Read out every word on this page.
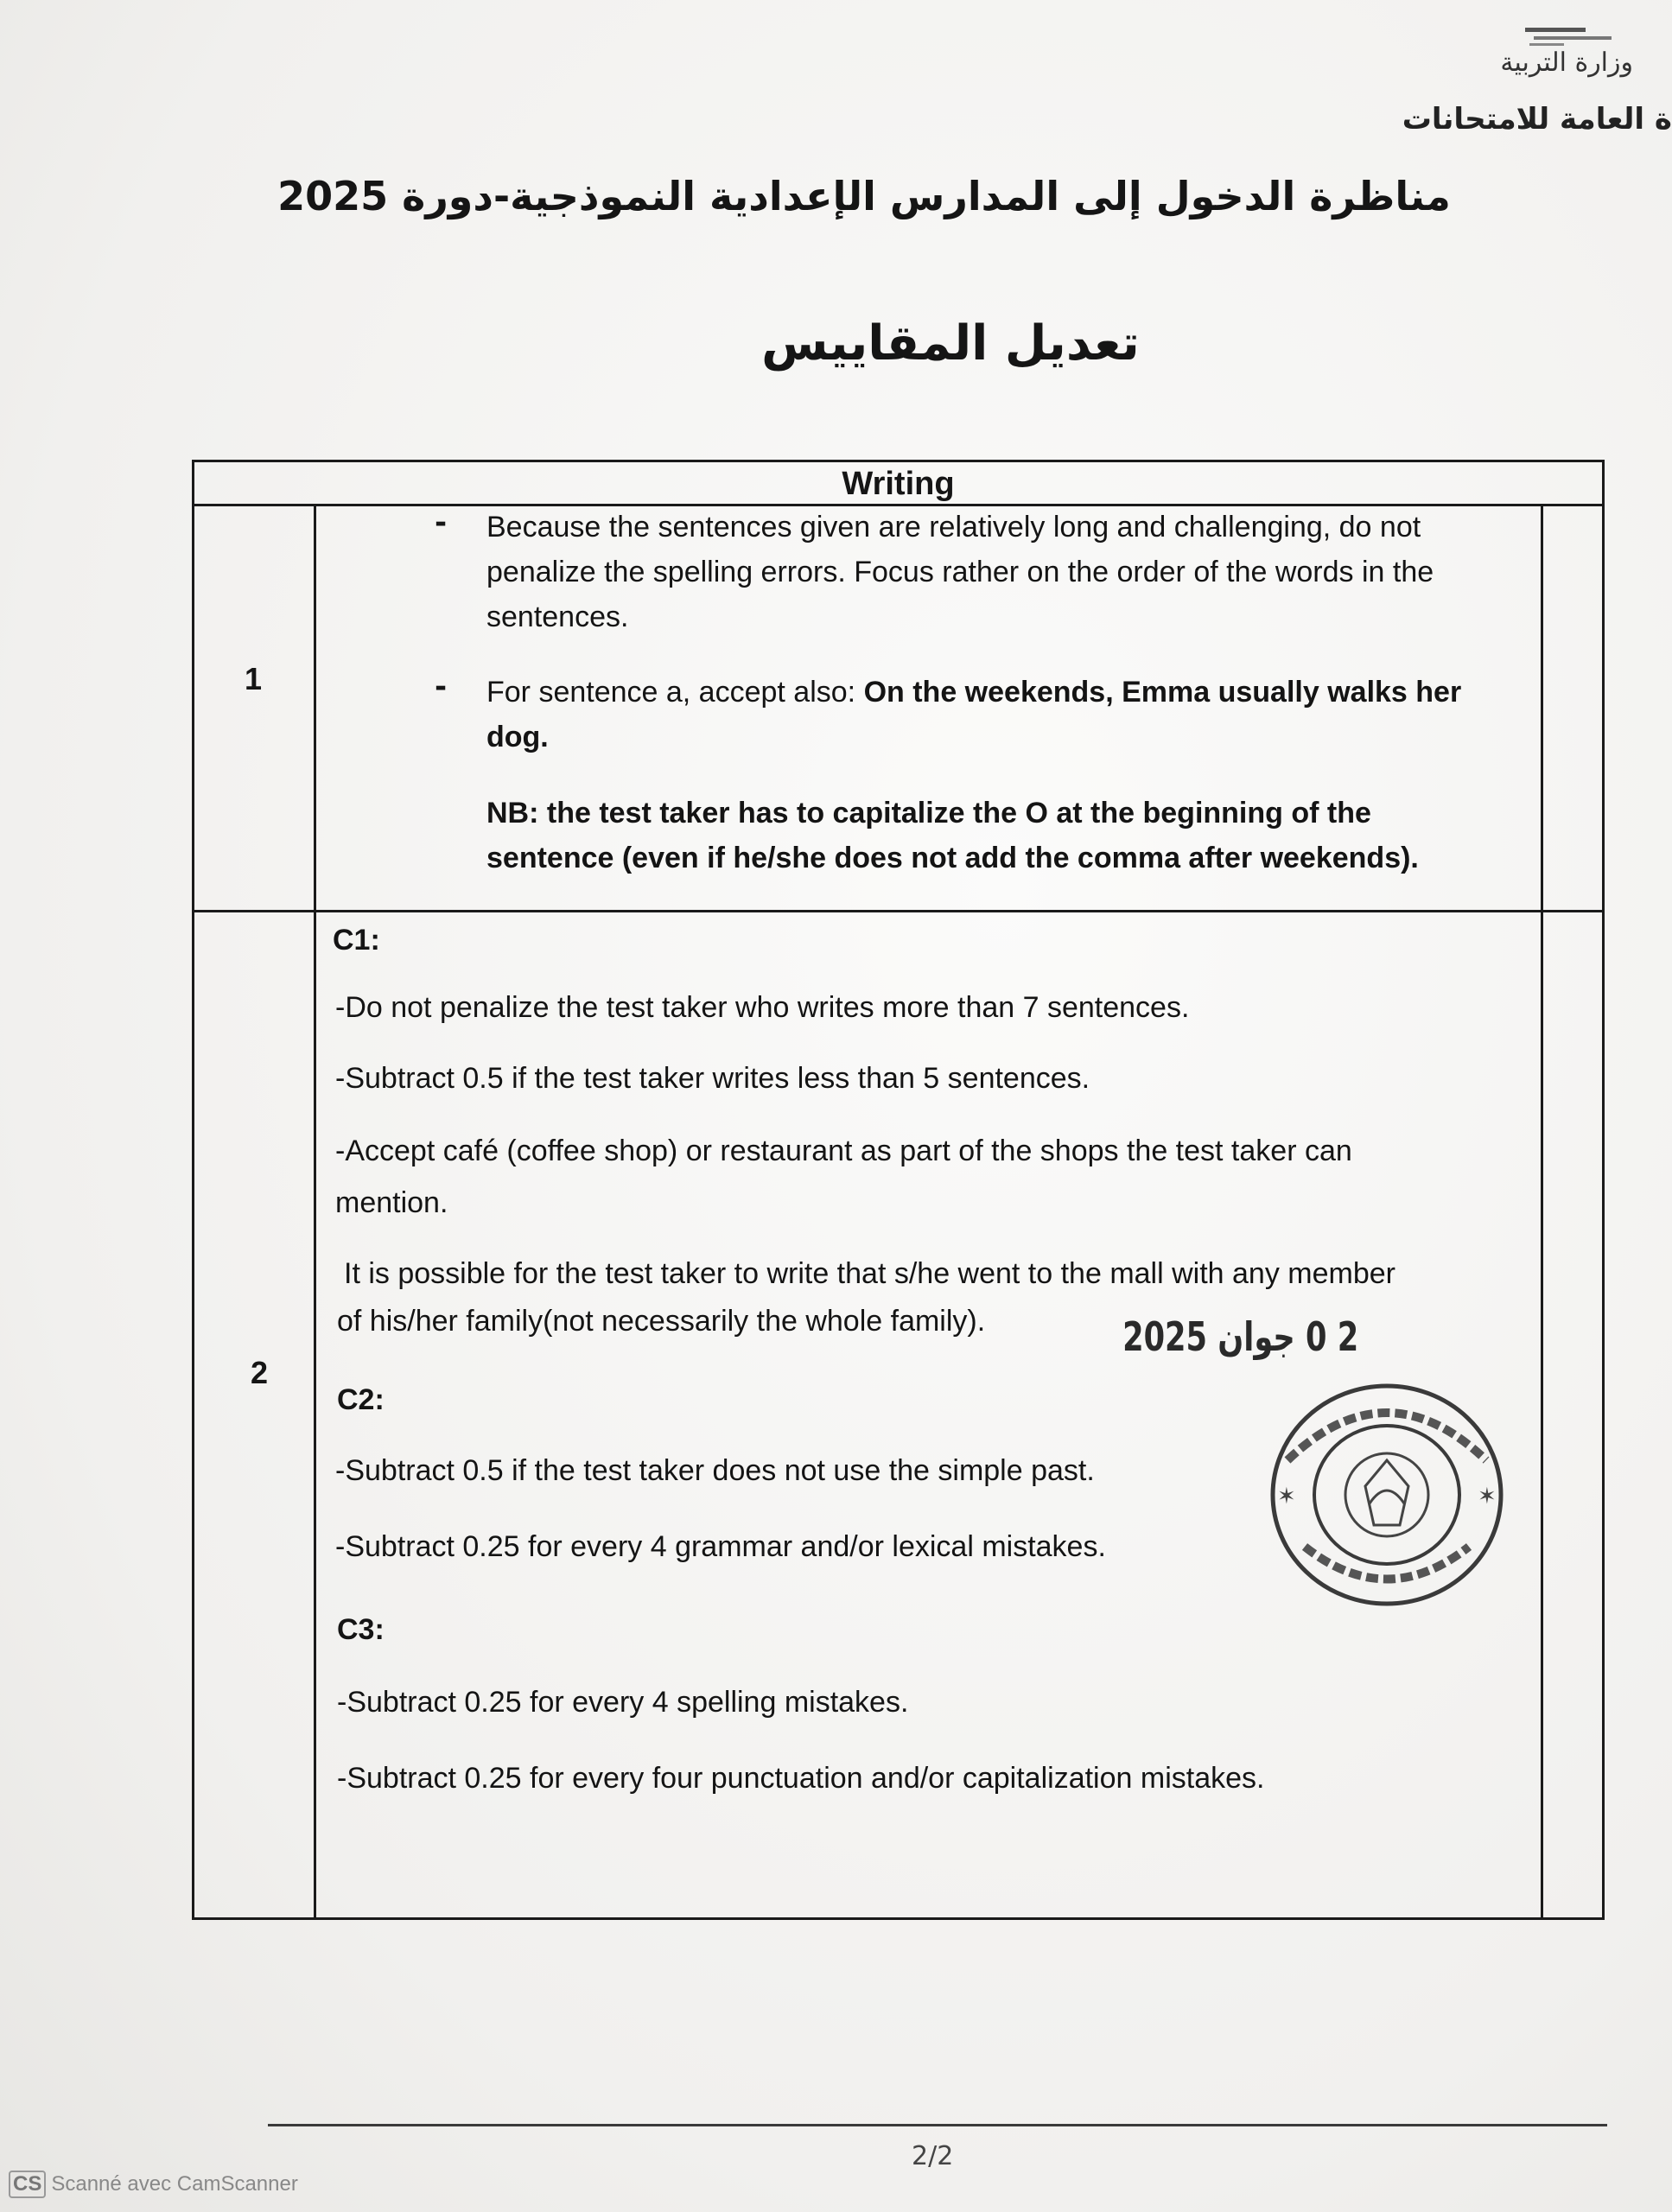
وزارة التربية
ة العامة للامتحانات
مناظرة الدخول إلى المدارس الإعدادية النموذجية-دورة 2025
تعديل المقاييس
Writing
1
- Because the sentences given are relatively long and challenging, do not
penalize the spelling errors. Focus rather on the order of the words in the
sentences.
- For sentence a, accept also: On the weekends, Emma usually walks her
dog.
NB: the test taker has to capitalize the O at the beginning of the
sentence (even if he/she does not add the comma after weekends).
2
C1:
-Do not penalize the test taker who writes more than 7 sentences.
-Subtract 0.5 if the test taker writes less than 5 sentences.
-Accept café (coffee shop) or restaurant as part of the shops the test taker can
mention.
It is possible for the test taker to write that s/he went to the mall with any member
of his/her family(not necessarily the whole family).
C2:
-Subtract 0.5 if the test taker does not use the simple past.
-Subtract 0.25 for every 4 grammar and/or lexical mistakes.
C3:
-Subtract 0.25 for every 4 spelling mistakes.
-Subtract 0.25 for every four punctuation and/or capitalization mistakes.
2 0 جوان 2025
✶	✶
2/2
CS Scanné avec CamScanner
